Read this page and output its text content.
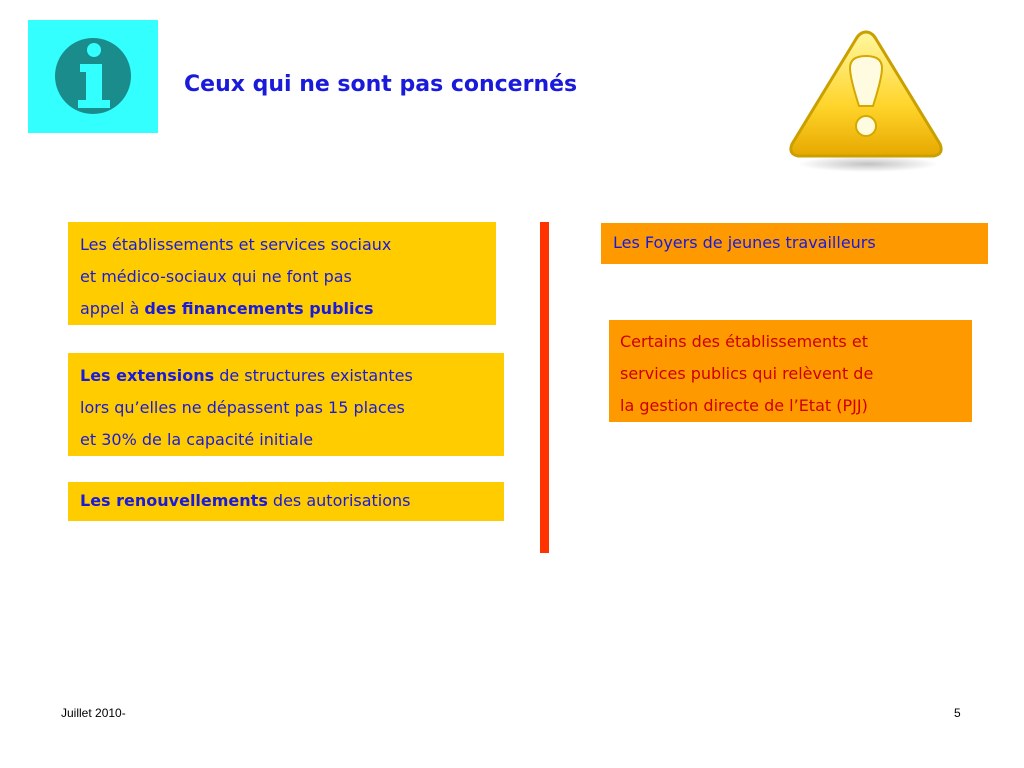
Ceux qui ne sont pas concernés
Les établissements et services sociaux
et médico-sociaux qui ne font pas
appel à des financements publics
Les extensions de structures existantes
lors qu’elles ne dépassent pas 15 places
et 30% de la capacité initiale
Les renouvellements des autorisations
Les Foyers de jeunes travailleurs
Certains des établissements et
services publics qui relèvent de
la gestion directe de l’Etat (PJJ)
Juillet 2010-	5
